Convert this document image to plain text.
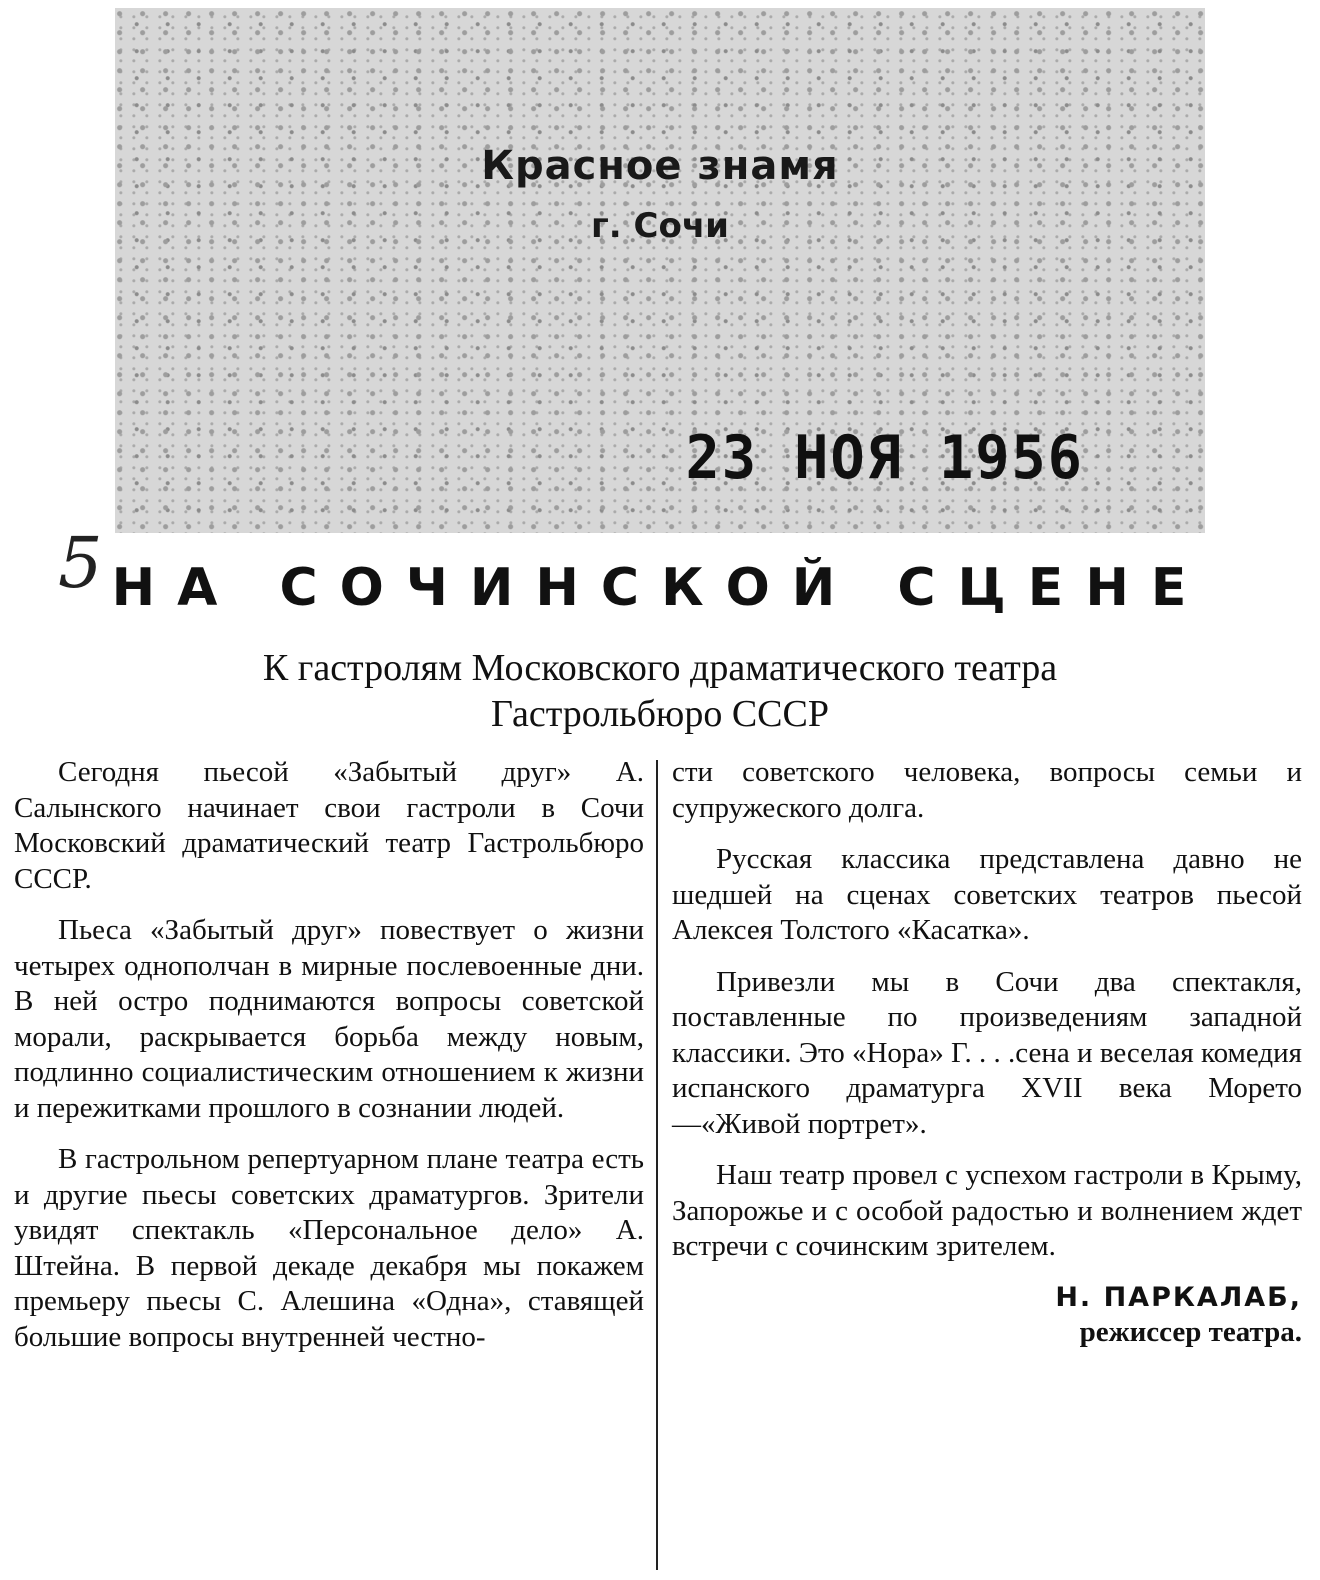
Красное знамя
г. Сочи
23 НОЯ 1956
5 НА СОЧИНСКОЙ СЦЕНЕ
К гастролям Московского драматического театра
Гастрольбюро СССР

Сегодня пьесой «Забытый друг» А. Салынского начинает свои гастроли в Сочи Московский драматический театр Гастрольбюро СССР.

Пьеса «Забытый друг» повествует о жизни четырех однополчан в мирные послевоенные дни. В ней остро поднимаются вопросы советской морали, раскрывается борьба между новым, подлинно социалистическим отношением к жизни и пережитками прошлого в сознании людей.

В гастрольном репертуарном плане театра есть и другие пьесы советских драматургов. Зрители увидят спектакль «Персональное дело» А. Штейна. В первой декаде декабря мы покажем премьеру пьесы С. Алешина «Одна», ставящей большие вопросы внутренней честно-

сти советского человека, вопросы семьи и супружеского долга.

Русская классика представлена давно не шедшей на сценах советских театров пьесой Алексея Толстого «Касатка».

Привезли мы в Сочи два спектакля, поставленные по произведениям западной классики. Это «Нора» Г. . . .сена и веселая комедия испанского драматурга XVII века Морето—«Живой портрет».

Наш театр провел с успехом гастроли в Крыму, Запорожье и с особой радостью и волнением ждет встречи с сочинским зрителем.

Н. ПАРКАЛАБ,
режиссер театра.
